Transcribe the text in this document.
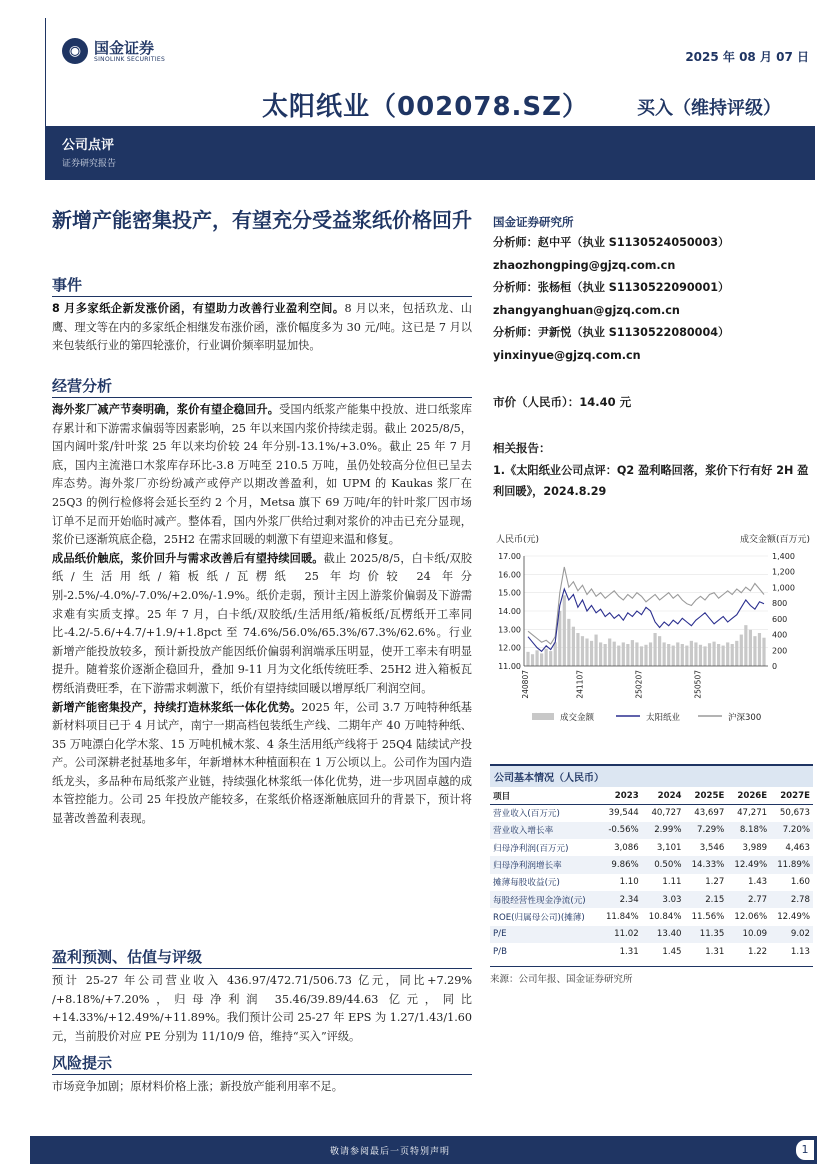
◉ 国金证券
SINOLINK SECURITIES	2025 年 08 月 07 日
太阳纸业（002078.SZ）	买入（维持评级）
公司点评
证券研究报告
新增产能密集投产，有望充分受益浆纸价格回升
事件

8 月多家纸企新发涨价函，有望助力改善行业盈利空间。8 月以来，包括玖龙、山鹰、理文等在内的多家纸企相继发布涨价函，涨价幅度多为 30 元/吨。这已是 7 月以来包装纸行业的第四轮涨价，行业调价频率明显加快。

经营分析

海外浆厂减产节奏明确，浆价有望企稳回升。受国内纸浆产能集中投放、进口纸浆库存累计和下游需求偏弱等因素影响，25 年以来国内浆价持续走弱。截止 2025/8/5，国内阔叶浆/针叶浆 25 年以来均价较 24 年分别-13.1%/+3.0%。截止 25 年 7 月底，国内主流港口木浆库存环比-3.8 万吨至 210.5 万吨，虽仍处较高分位但已呈去库态势。海外浆厂亦纷纷减产或停产以期改善盈利，如 UPM 的 Kaukas 浆厂在 25Q3 的例行检修将会延长至约 2 个月，Metsa 旗下 69 万吨/年的针叶浆厂因市场订单不足而开始临时减产。整体看，国内外浆厂供给过剩对浆价的冲击已充分显现，浆价已逐渐筑底企稳，25H2 在需求回暖的刺激下有望迎来温和修复。

成品纸价触底，浆价回升与需求改善后有望持续回暖。截止 2025/8/5，白卡纸/双胶纸/生活用纸/箱板纸/瓦楞纸 25 年均价较 24 年分别-2.5%/-4.0%/-7.0%/+2.0%/-1.9%。纸价走弱，预计主因上游浆价偏弱及下游需求难有实质支撑。25 年 7 月，白卡纸/双胶纸/生活用纸/箱板纸/瓦楞纸开工率同比-4.2/-5.6/+4.7/+1.9/+1.8pct 至 74.6%/56.0%/65.3%/67.3%/62.6%。行业新增产能投放较多，预计新投放产能因纸价偏弱利润端承压明显，使开工率未有明显提升。随着浆价逐渐企稳回升，叠加 9-11 月为文化纸传统旺季、25H2 进入箱板瓦楞纸消费旺季，在下游需求刺激下，纸价有望持续回暖以增厚纸厂利润空间。

新增产能密集投产，持续打造林浆纸一体化优势。2025 年，公司 3.7 万吨特种纸基新材料项目已于 4 月试产，南宁一期高档包装纸生产线、二期年产 40 万吨特种纸、35 万吨漂白化学木浆、15 万吨机械木浆、4 条生活用纸产线将于 25Q4 陆续试产投产。公司深耕老挝基地多年，年新增林木种植面积在 1 万公顷以上。公司作为国内造纸龙头，多品种布局纸浆产业链，持续强化林浆纸一体化优势，进一步巩固卓越的成本管控能力。公司 25 年投放产能较多，在浆纸价格逐渐触底回升的背景下，预计将显著改善盈利表现。

盈利预测、估值与评级

预计 25-27 年公司营业收入 436.97/472.71/506.73 亿元，同比+7.29% /+8.18%/+7.20%，归母净利润 35.46/39.89/44.63 亿元，同比+14.33%/+12.49%/+11.89%。我们预计公司 25-27 年 EPS 为 1.27/1.43/1.60 元，当前股价对应 PE 分别为 11/10/9 倍，维持“买入”评级。

风险提示

市场竞争加剧；原材料价格上涨；新投放产能利用率不足。

国金证券研究所
分析师：赵中平（执业 S1130524050003）
zhaozhongping@gjzq.com.cn
分析师：张杨桓（执业 S1130522090001）
zhangyanghuan@gjzq.com.cn
分析师：尹新悦（执业 S1130522080004）
yinxinyue@gjzq.com.cn
市价（人民币）：14.40 元
相关报告：
1.《太阳纸业公司点评：Q2 盈利略回落，浆价下行有好 2H 盈利回暖》，2024.8.29
人民币(元)	成交金额(百万元)
17.00
16.00
15.00
14.00
13.00
12.00
11.00
1,400
1,200
1,000
800
600
400
200
0
240807	241107	250207	250507
成交金额	太阳纸业	沪深300
公司基本情况（人民币）
项目	2023	2024	2025E	2026E	2027E
营业收入(百万元)	39,544	40,727	43,697	47,271	50,673
营业收入增长率	-0.56%	2.99%	7.29%	8.18%	7.20%
归母净利润(百万元)	3,086	3,101	3,546	3,989	4,463
归母净利润增长率	9.86%	0.50%	14.33%	12.49%	11.89%
摊薄每股收益(元)	1.10	1.11	1.27	1.43	1.60
每股经营性现金净流(元)	2.34	3.03	2.15	2.77	2.78
ROE(归属母公司)(摊薄)	11.84%	10.84%	11.56%	12.06%	12.49%
P/E	11.02	13.40	11.35	10.09	9.02
P/B	1.31	1.45	1.31	1.22	1.13
来源：公司年报、国金证券研究所
敬请参阅最后一页特别声明	1
